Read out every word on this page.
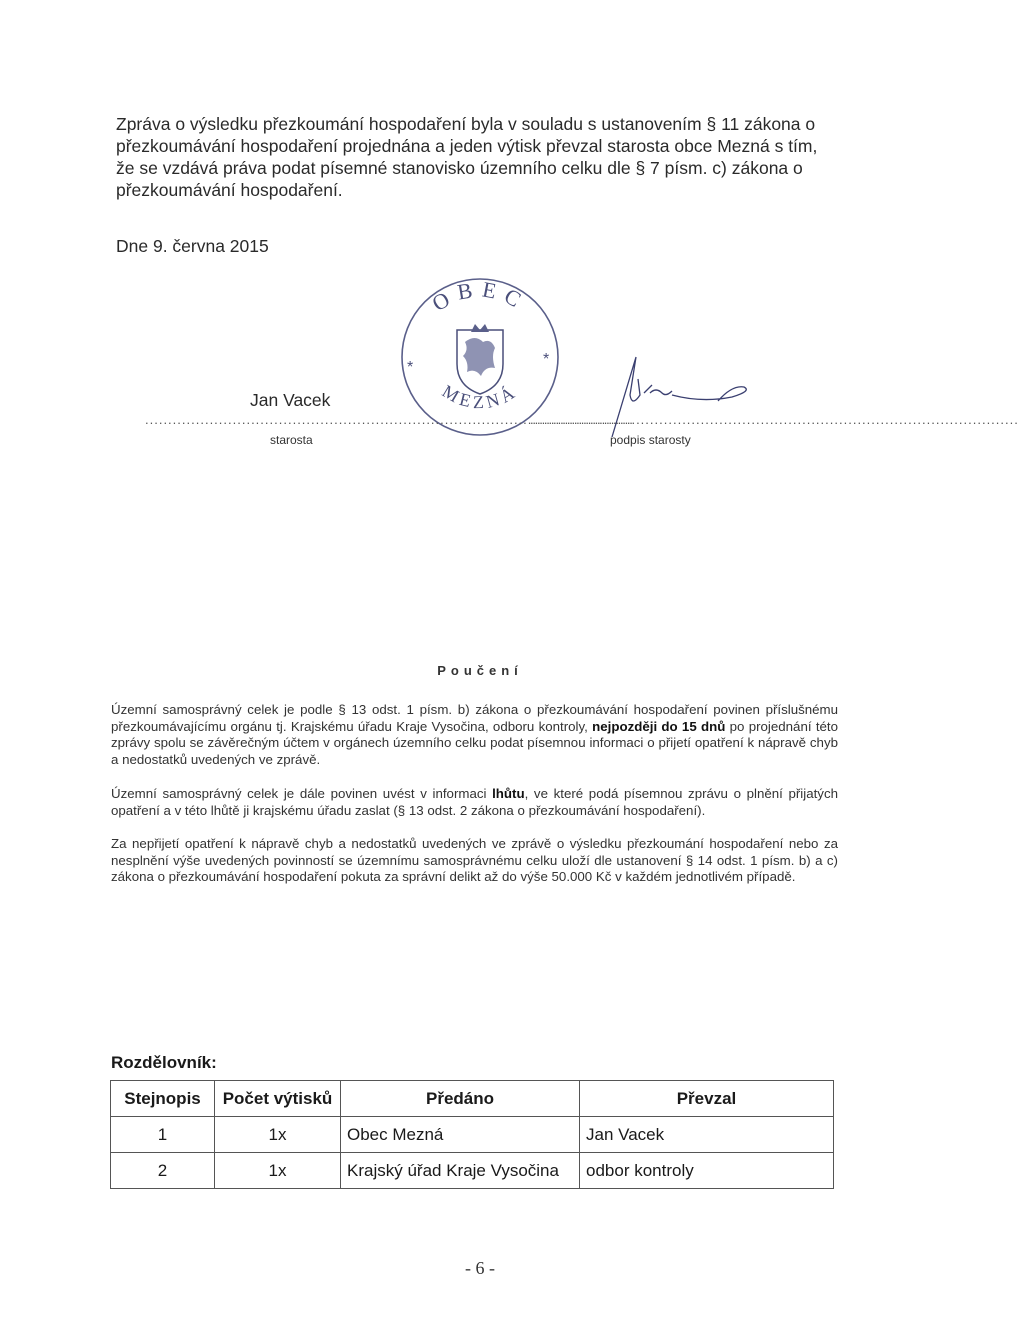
Zpráva o výsledku přezkoumání hospodaření byla v souladu s ustanovením § 11 zákona o přezkoumávání hospodaření projednána a jeden výtisk převzal starosta obce Mezná s tím, že se vzdává práva podat písemné stanovisko územního celku dle § 7 písm. c) zákona o přezkoumávání hospodaření.

Dne 9. června 2015
OBEC
MEZNÁ
*	*
Jan Vacek
..........................................................................................................
..........................................................................................................
starosta	podpis starosty
Poučení

Územní samosprávný celek je podle § 13 odst. 1 písm. b) zákona o přezkoumávání hospodaření povinen příslušnému přezkoumávajícímu orgánu tj. Krajskému úřadu Kraje Vysočina, odboru kontroly, nejpozději do 15 dnů po projednání této zprávy spolu se závěrečným účtem v orgánech územního celku podat písemnou informaci o přijetí opatření k nápravě chyb a nedostatků uvedených ve zprávě.

Územní samosprávný celek je dále povinen uvést v informaci lhůtu, ve které podá písemnou zprávu o plnění přijatých opatření a v této lhůtě ji krajskému úřadu zaslat (§ 13 odst. 2 zákona o přezkoumávání hospodaření).

Za nepřijetí opatření k nápravě chyb a nedostatků uvedených ve zprávě o výsledku přezkoumání hospodaření nebo za nesplnění výše uvedených povinností se územnímu samosprávnému celku uloží dle ustanovení § 14 odst. 1 písm. b) a c) zákona o přezkoumávání hospodaření pokuta za správní delikt až do výše 50.000 Kč v každém jednotlivém případě.

Rozdělovník:
Stejnopis	Počet výtisků	Předáno	Převzal
1	1x	Obec Mezná	Jan Vacek
2	1x	Krajský úřad Kraje Vysočina	odbor kontroly
- 6 -
